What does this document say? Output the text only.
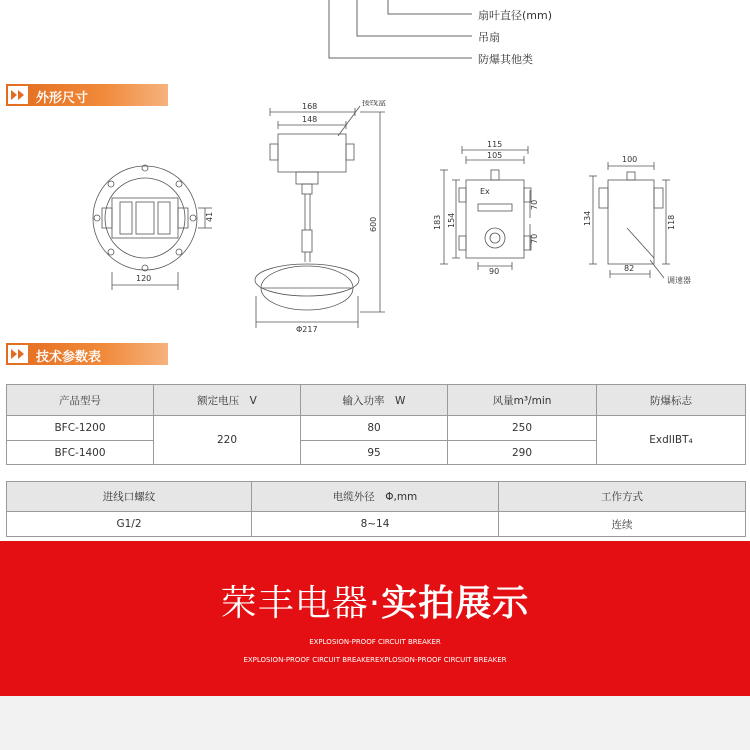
扇叶直径(mm)
吊扇
防爆其他类
外形尺寸
120
41
168
148
接线盒
600
Φ217
115
105
Ex
183 154
70
70
90
100
134	118
82
调速器
技术参数表
产品型号	额定电压　V	输入功率　W	风量m³/min	防爆标志
BFC-1200	220	80	250	ExdIIBT₄
BFC-1400		95	290	
进线口螺纹	电缆外径　Φ,mm	工作方式
G1/2	8~14	连续
荣丰电器·实拍展示
EXPLOSION-PROOF CIRCUIT BREAKER
EXPLOSION-PROOF CIRCUIT BREAKEREXPLOSION-PROOF CIRCUIT BREAKER
